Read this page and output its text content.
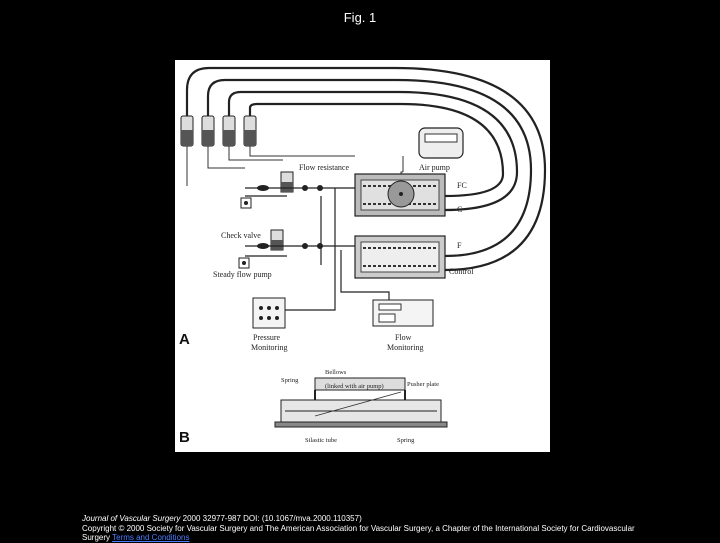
Fig. 1
Air pump
Flow resistance
Check valve
Steady flow pump
FC
C
F
Control
Pressure
Monitoring
Flow
Monitoring
A
Bellows
Spring
(linked with air pump)	Pusher plate
Silastic tube	Spring
B
Journal of Vascular Surgery 2000 32977-987 DOI: (10.1067/mva.2000.110357)
Copyright © 2000 Society for Vascular Surgery and The American Association for Vascular Surgery, a Chapter of the International Society for Cardiovascular Surgery Terms and Conditions
